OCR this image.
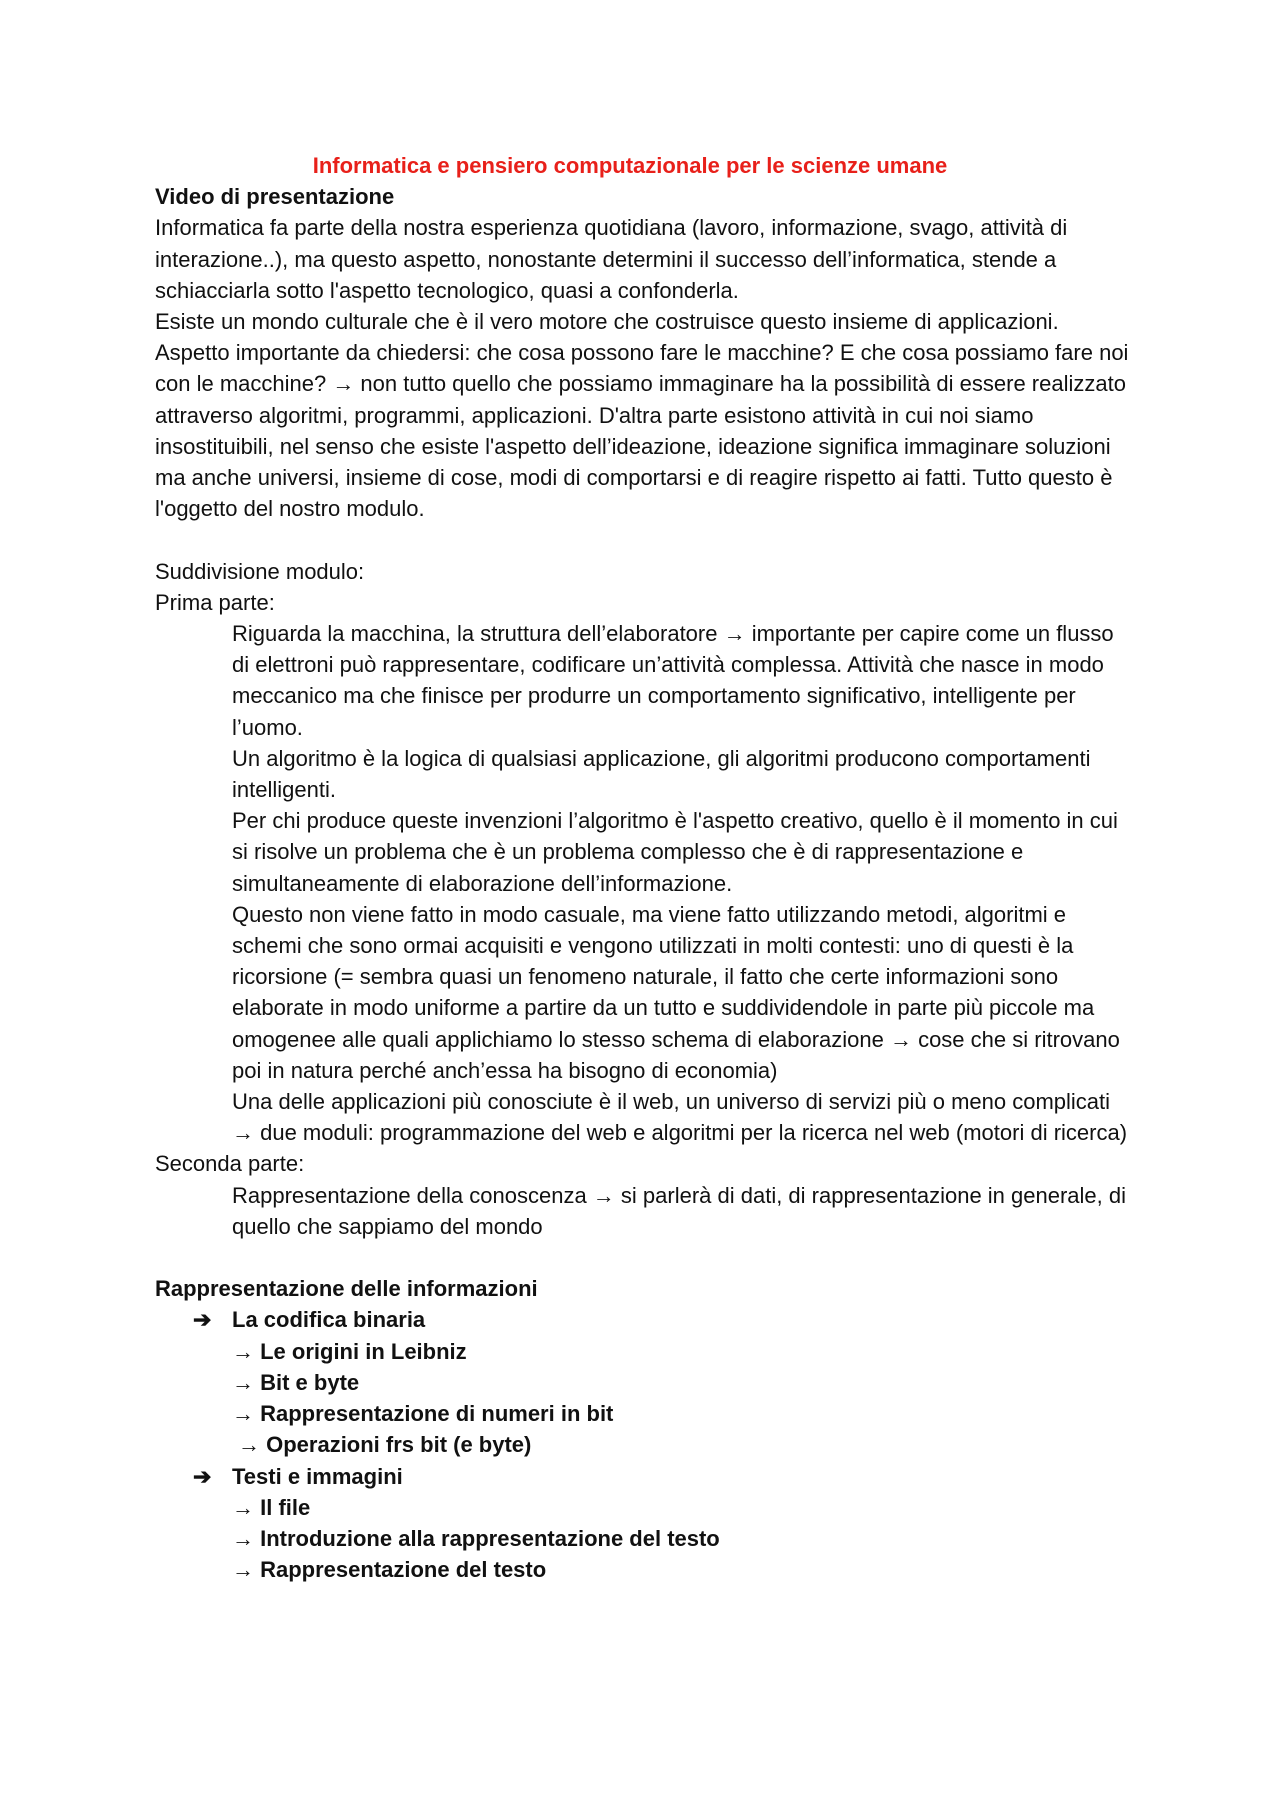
Informatica e pensiero computazionale per le scienze umane

Video di presentazione

Informatica fa parte della nostra esperienza quotidiana (lavoro, informazione, svago, attività di interazione..), ma questo aspetto, nonostante determini il successo dell’informatica, stende a schiacciarla sotto l'aspetto tecnologico, quasi a confonderla.

Esiste un mondo culturale che è il vero motore che costruisce questo insieme di applicazioni.

Aspetto importante da chiedersi: che cosa possono fare le macchine? E che cosa possiamo fare noi con le macchine? → non tutto quello che possiamo immaginare ha la possibilità di essere realizzato attraverso algoritmi, programmi, applicazioni. D'altra parte esistono attività in cui noi siamo insostituibili, nel senso che esiste l'aspetto dell’ideazione, ideazione significa immaginare soluzioni ma anche universi, insieme di cose, modi di comportarsi e di reagire rispetto ai fatti. Tutto questo è l'oggetto del nostro modulo.

Suddivisione modulo:

Prima parte:

Riguarda la macchina, la struttura dell’elaboratore → importante per capire come un flusso di elettroni può rappresentare, codificare un’attività complessa. Attività che nasce in modo meccanico ma che finisce per produrre un comportamento significativo, intelligente per l’uomo.

Un algoritmo è la logica di qualsiasi applicazione, gli algoritmi producono comportamenti intelligenti.

Per chi produce queste invenzioni l’algoritmo è l'aspetto creativo, quello è il momento in cui si risolve un problema che è un problema complesso che è di rappresentazione e simultaneamente di elaborazione dell’informazione.

Questo non viene fatto in modo casuale, ma viene fatto utilizzando metodi, algoritmi e schemi che sono ormai acquisiti e vengono utilizzati in molti contesti: uno di questi è la ricorsione (= sembra quasi un fenomeno naturale, il fatto che certe informazioni sono elaborate in modo uniforme a partire da un tutto e suddividendole in parte più piccole ma omogenee alle quali applichiamo lo stesso schema di elaborazione → cose che si ritrovano poi in natura perché anch’essa ha bisogno di economia)

Una delle applicazioni più conosciute è il web, un universo di servizi più o meno complicati → due moduli: programmazione del web e algoritmi per la ricerca nel web (motori di ricerca)

Seconda parte:

Rappresentazione della conoscenza → si parlerà di dati, di rappresentazione in generale, di quello che sappiamo del mondo

Rappresentazione delle informazioni

➔ La codifica binaria

→ Le origini in Leibniz

→ Bit e byte

→ Rappresentazione di numeri in bit

→ Operazioni frs bit (e byte)

➔ Testi e immagini

→ Il file

→ Introduzione alla rappresentazione del testo

→ Rappresentazione del testo
